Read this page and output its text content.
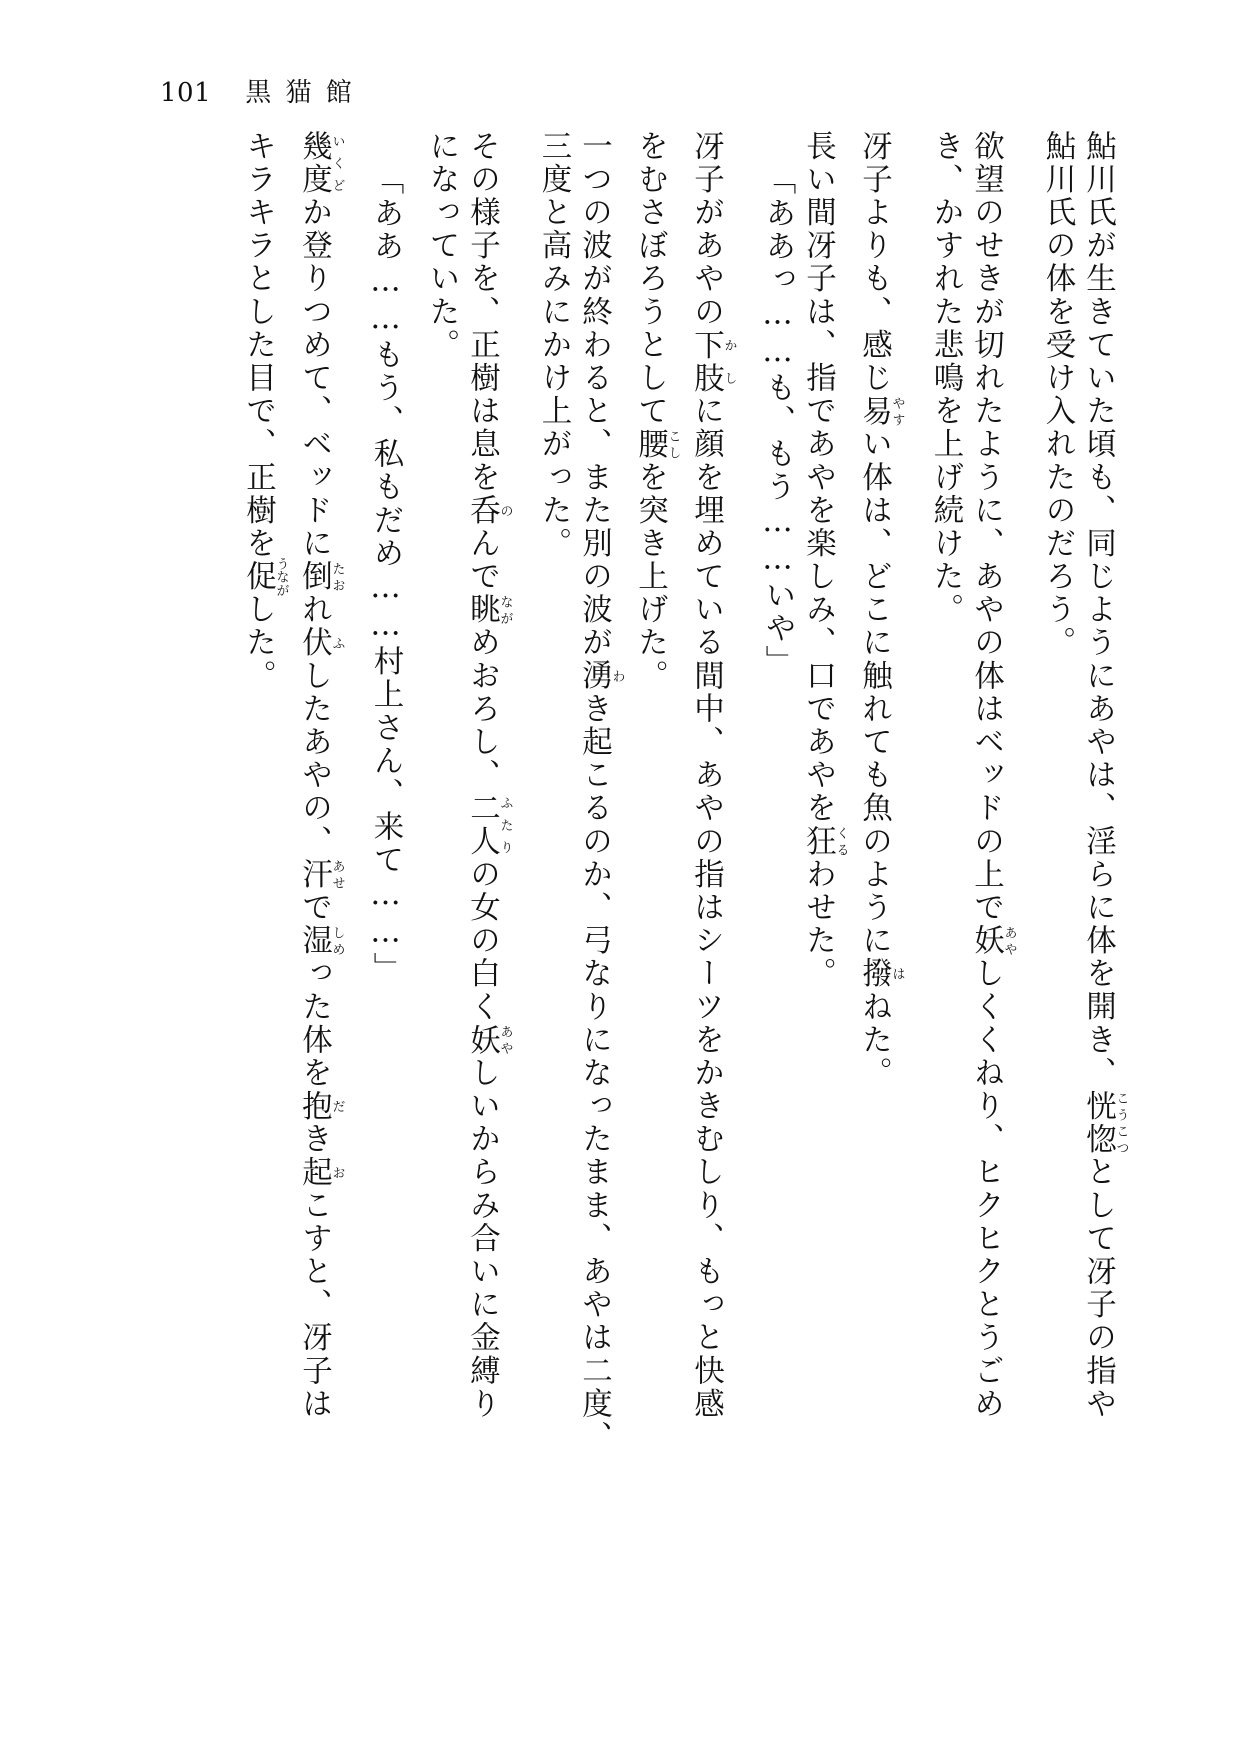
101 黒猫館
鮎川氏が生きていた頃も、同じようにあやは、淫らに体を開き、恍惚こうこつとして冴子の指や
鮎川氏の体を受け入れたのだろう。
欲望のせきが切れたように、あやの体はベッドの上で妖あやしくくねり、ヒクヒクとうごめ
き、かすれた悲鳴を上げ続けた。
冴子よりも、感じ易やすい体は、どこに触れても魚のように撥はねた。
長い間冴子は、指であやを楽しみ、口であやを狂くるわせた。
「ああっ……も、もう……いや」
冴子があやの下肢かしに顔を埋めている間中、あやの指はシーツをかきむしり、もっと快感
をむさぼろうとして腰こしを突き上げた。
一つの波が終わると、また別の波が湧わき起こるのか、弓なりになったまま、あやは二度、
三度と高みにかけ上がった。
その様子を、正樹は息を呑のんで眺ながめおろし、二人ふたりの女の白く妖あやしいからみ合いに金縛り
になっていた。
「ああ……もう、私もだめ……村上さん、来て……」
幾度いくどか登りつめて、ベッドに倒たおれ伏ふしたあやの、汗あせで湿しめった体を抱だき起おこすと、冴子は
キラキラとした目で、正樹を促うながした。
